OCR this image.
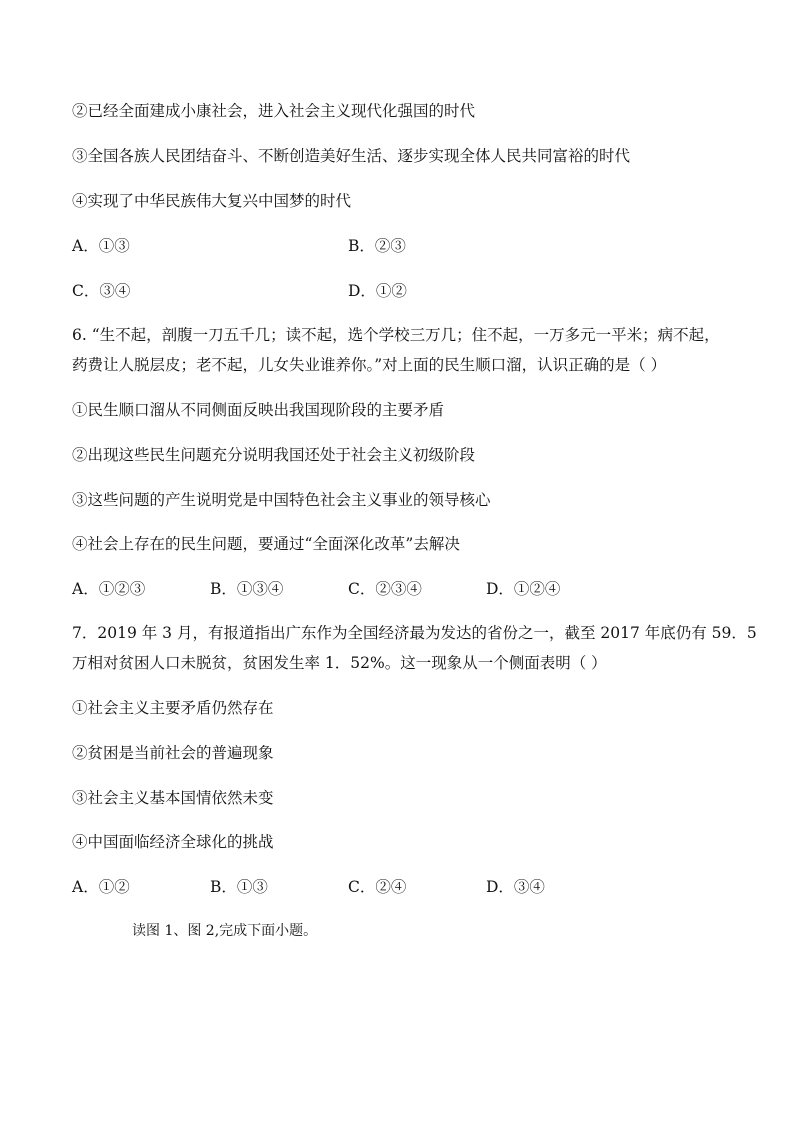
②已经全面建成小康社会，进入社会主义现代化强国的时代
③全国各族人民团结奋斗、不断创造美好生活、逐步实现全体人民共同富裕的时代
④实现了中华民族伟大复兴中国梦的时代
A．①③	B．②③
C．③④	D．①②
6. “生不起，剖腹一刀五千几；读不起，选个学校三万几；住不起，一万多元一平米；病不起，
药费让人脱层皮；老不起，儿女失业谁养你。”对上面的民生顺口溜，认识正确的是（ ）
①民生顺口溜从不同侧面反映出我国现阶段的主要矛盾
②出现这些民生问题充分说明我国还处于社会主义初级阶段
③这些问题的产生说明党是中国特色社会主义事业的领导核心
④社会上存在的民生问题，要通过“全面深化改革”去解决
A．①②③	B．①③④	C．②③④	D．①②④
7．2019 年 3 月，有报道指出广东作为全国经济最为发达的省份之一，截至 2017 年底仍有 59．5
万相对贫困人口未脱贫，贫困发生率 1．52%。这一现象从一个侧面表明（ ）
①社会主义主要矛盾仍然存在
②贫困是当前社会的普遍现象
③社会主义基本国情依然未变
④中国面临经济全球化的挑战
A．①②	B．①③	C．②④	D．③④
读图 1、图 2,完成下面小题。
